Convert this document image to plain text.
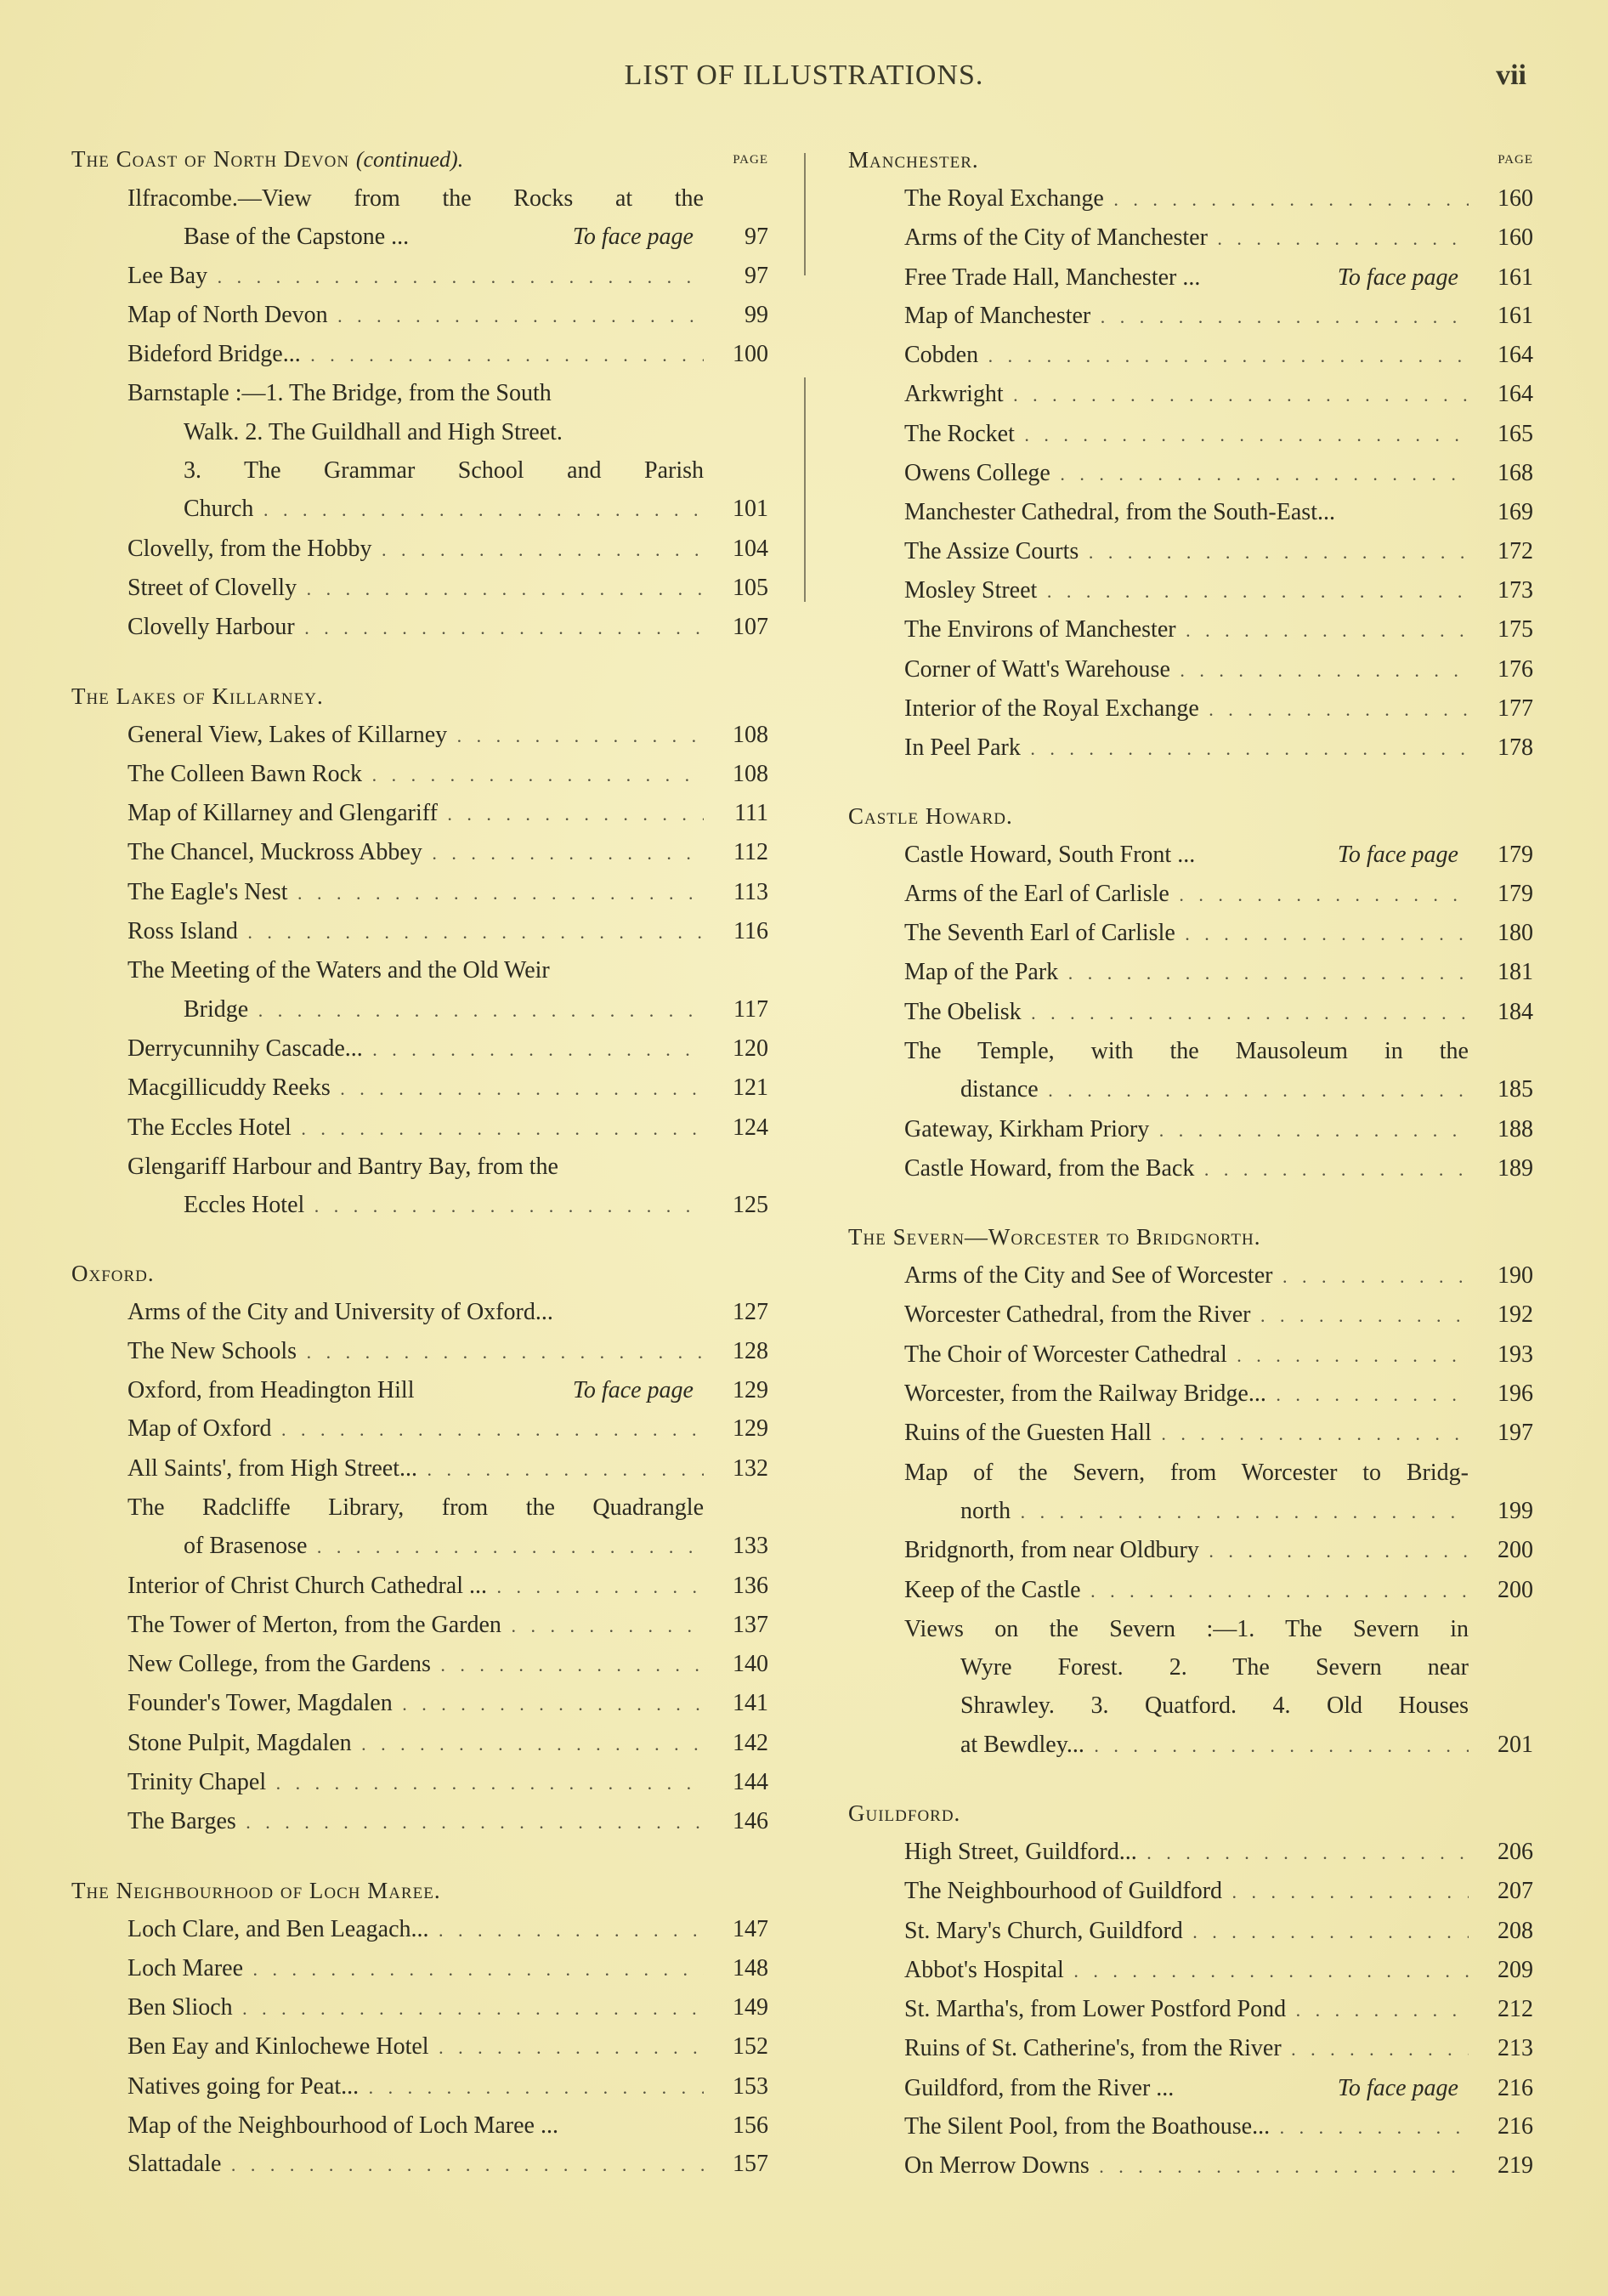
LIST OF ILLUSTRATIONS.	vii
The Coast of North Devon (continued).	PAGE
Ilfracombe.—View from the Rocks at the
Base of the Capstone ...	To face page	97
Lee Bay . . .	97
Map of North Devon . . .	99
Bideford Bridge... . . .	100
Barnstaple :—1. The Bridge, from the South
Walk. 2. The Guildhall and High Street.
3. The Grammar School and Parish
Church . . .	101
Clovelly, from the Hobby . . .	104
Street of Clovelly . . .	105
Clovelly Harbour . . .	107
The Lakes of Killarney.
General View, Lakes of Killarney . . .	108
The Colleen Bawn Rock . . .	108
Map of Killarney and Glengariff . . .	111
The Chancel, Muckross Abbey . . .	112
The Eagle's Nest . . .	113
Ross Island . . .	116
The Meeting of the Waters and the Old Weir
Bridge . . .	117
Derrycunnihy Cascade... . . .	120
Macgillicuddy Reeks . . .	121
The Eccles Hotel . . .	124
Glengariff Harbour and Bantry Bay, from the
Eccles Hotel . . .	125
Oxford.
Arms of the City and University of Oxford...	127
The New Schools . . .	128
Oxford, from Headington Hill	To face page	129
Map of Oxford . . .	129
All Saints', from High Street... . . .	132
The Radcliffe Library, from the Quadrangle
of Brasenose . . .	133
Interior of Christ Church Cathedral ... . . .	136
The Tower of Merton, from the Garden . . .	137
New College, from the Gardens . . .	140
Founder's Tower, Magdalen . . .	141
Stone Pulpit, Magdalen . . .	142
Trinity Chapel . . .	144
The Barges . . .	146
The Neighbourhood of Loch Maree.
Loch Clare, and Ben Leagach... . . .	147
Loch Maree . . .	148
Ben Slioch . . .	149
Ben Eay and Kinlochewe Hotel . . .	152
Natives going for Peat... . . .	153
Map of the Neighbourhood of Loch Maree ...	156
Slattadale . . .	157
Manchester.	PAGE
The Royal Exchange . . .	160
Arms of the City of Manchester . . .	160
Free Trade Hall, Manchester ...	To face page	161
Map of Manchester . . .	161
Cobden . . .	164
Arkwright . . .	164
The Rocket . . .	165
Owens College . . .	168
Manchester Cathedral, from the South-East...	169
The Assize Courts . . .	172
Mosley Street . . .	173
The Environs of Manchester . . .	175
Corner of Watt's Warehouse . . .	176
Interior of the Royal Exchange . . .	177
In Peel Park . . .	178
Castle Howard.
Castle Howard, South Front ...	To face page	179
Arms of the Earl of Carlisle . . .	179
The Seventh Earl of Carlisle . . .	180
Map of the Park . . .	181
The Obelisk . . .	184
The Temple, with the Mausoleum in the
distance . . .	185
Gateway, Kirkham Priory . . .	188
Castle Howard, from the Back . . .	189
The Severn—Worcester to Bridgnorth.
Arms of the City and See of Worcester . . .	190
Worcester Cathedral, from the River . . .	192
The Choir of Worcester Cathedral . . .	193
Worcester, from the Railway Bridge... . . .	196
Ruins of the Guesten Hall . . .	197
Map of the Severn, from Worcester to Bridg-
north . . .	199
Bridgnorth, from near Oldbury . . .	200
Keep of the Castle . . .	200
Views on the Severn :—1. The Severn in
Wyre Forest. 2. The Severn near
Shrawley. 3. Quatford. 4. Old Houses
at Bewdley... . . .	201
Guildford.
High Street, Guildford... . . .	206
The Neighbourhood of Guildford . . .	207
St. Mary's Church, Guildford . . .	208
Abbot's Hospital . . .	209
St. Martha's, from Lower Postford Pond . . .	212
Ruins of St. Catherine's, from the River . . .	213
Guildford, from the River ...	To face page	216
The Silent Pool, from the Boathouse... . . .	216
On Merrow Downs . . .	219
